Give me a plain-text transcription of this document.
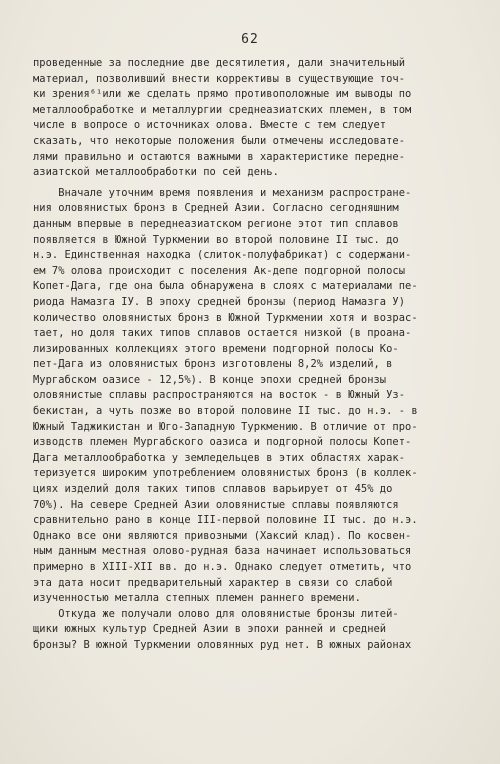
62
проведенные за последние две десятилетия, дали значительный
материал, позволивший внести коррективы в существующие точ-
ки зрения⁶¹или же сделать прямо противоположные им выводы по
металлообработке и металлургии среднеазиатских племен, в том
числе в вопросе о источниках олова. Вместе с тем следует
сказать, что некоторые положения были отмечены исследовате-
лями правильно и остаются важными в характеристике передне-
азиатской металлообработки по сей день.
Вначале уточним время появления и механизм распростране-
ния оловянистых бронз в Средней Азии. Согласно сегодняшним
данным впервые в переднеазиатском регионе этот тип сплавов
появляется в Южной Туркмении во второй половине II тыс. до
н.э. Единственная находка (слиток-полуфабрикат) с содержани-
ем 7% олова происходит с поселения Ак-депе подгорной полосы
Копет-Дага, где она была обнаружена в слоях с материалами пе-
риода Намазга IУ. В эпоху средней бронзы (период Намазга У)
количество оловянистых бронз в Южной Туркмении хотя и возрас-
тает, но доля таких типов сплавов остается низкой (в проана-
лизированных коллекциях этого времени подгорной полосы Ко-
пет-Дага из оловянистых бронз изготовлены 8,2% изделий, в
Мургабском оазисе - 12,5%). В конце эпохи средней бронзы
оловянистые сплавы распространяются на восток - в Южный Уз-
бекистан, а чуть позже во второй половине II тыс. до н.э. - в
Южный Таджикистан и Юго-Западную Туркмению. В отличие от про-
изводств племен Мургабского оазиса и подгорной полосы Копет-
Дага металлообработка у земледельцев в этих областях харак-
теризуется широким употреблением оловянистых бронз (в коллек-
циях изделий доля таких типов сплавов варьирует от 45% до
70%). На севере Средней Азии оловянистые сплавы появляются
сравнительно рано в конце III-первой половине II тыс. до н.э.
Однако все они являются привозными (Хаксий клад). По косвен-
ным данным местная олово-рудная база начинает использоваться
примерно в XIII-XII вв. до н.э. Однако следует отметить, что
эта дата носит предварительный характер в связи со слабой
изученностью металла степных племен раннего времени.
Откуда же получали олово для оловянистые бронзы литей-
щики южных культур Средней Азии в эпохи ранней и средней
бронзы? В южной Туркмении оловянных руд нет. В южных районах
